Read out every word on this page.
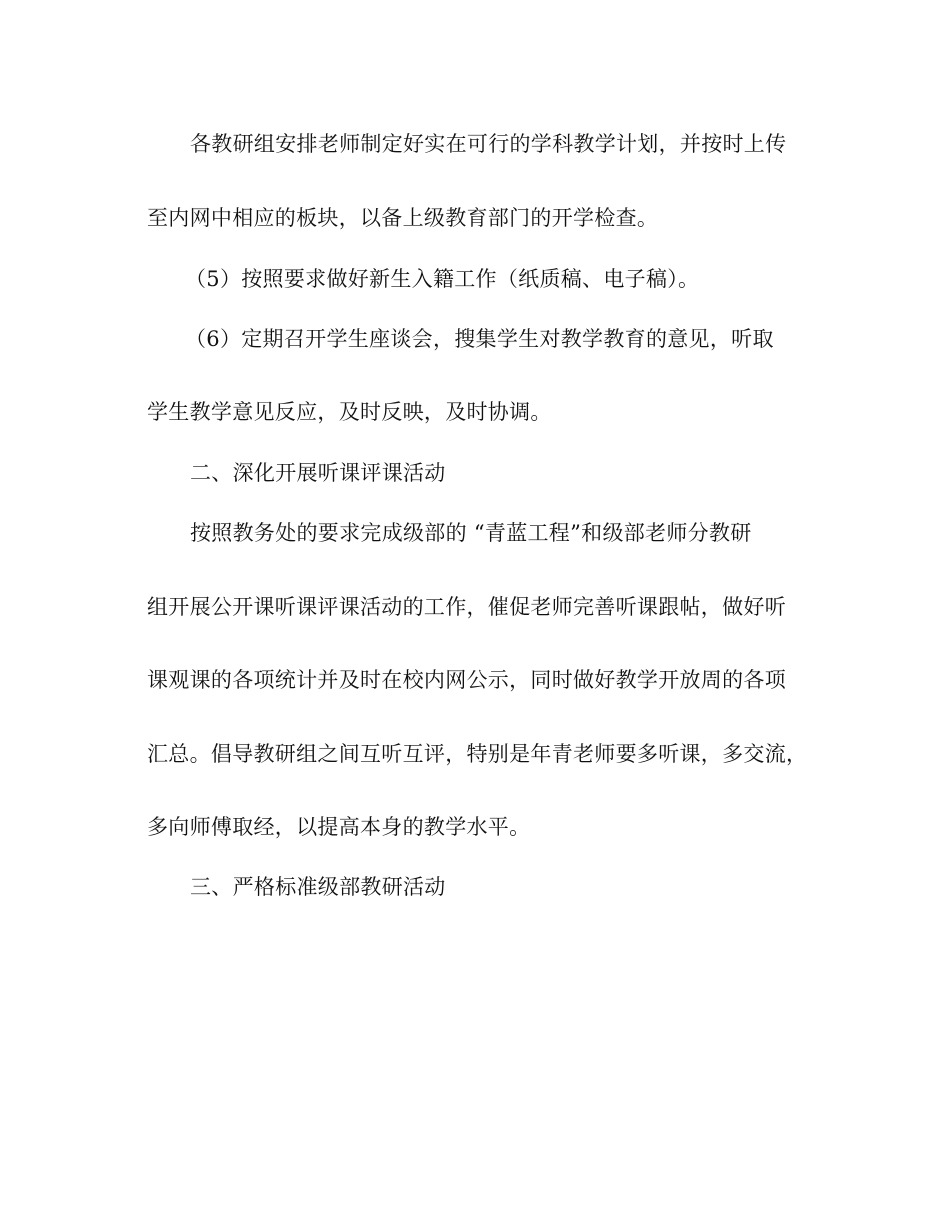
各教研组安排老师制定好实在可行的学科教学计划，并按时上传
至内网中相应的板块，以备上级教育部门的开学检查。
（5）按照要求做好新生入籍工作（纸质稿、电子稿）。
（6）定期召开学生座谈会，搜集学生对教学教育的意见，听取
学生教学意见反应，及时反映，及时协调。
二、深化开展听课评课活动
按照教务处的要求完成级部的 “青蓝工程”和级部老师分教研
组开展公开课听课评课活动的工作，催促老师完善听课跟帖，做好听
课观课的各项统计并及时在校内网公示，同时做好教学开放周的各项
汇总。倡导教研组之间互听互评，特别是年青老师要多听课，多交流，
多向师傅取经，以提高本身的教学水平。
三、严格标准级部教研活动
